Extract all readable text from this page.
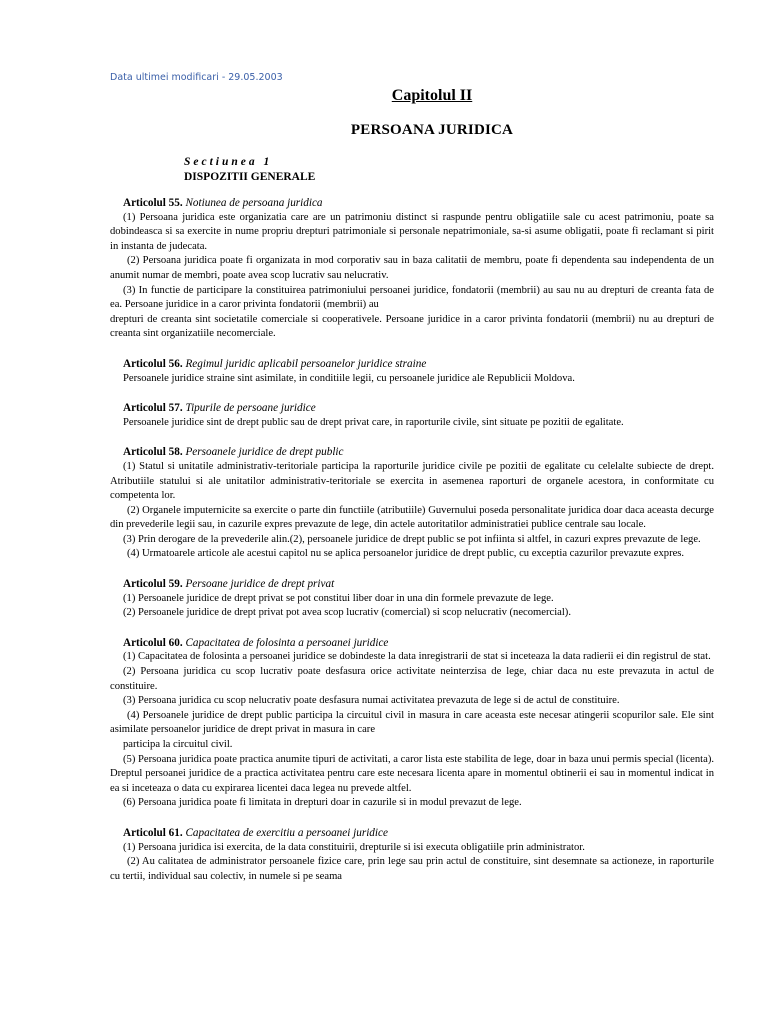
Data ultimei modificari - 29.05.2003
Capitolul II
PERSOANA JURIDICA
Sectiunea 1
DISPOZITII GENERALE
Articolul 55. Notiunea de persoana juridica

(1) Persoana juridica este organizatia care are un patrimoniu distinct si raspunde pentru obligatiile sale cu acest patrimoniu, poate sa dobindeasca si sa exercite in nume propriu drepturi patrimoniale si personale nepatrimoniale, sa-si asume obligatii, poate fi reclamant si pirit in instanta de judecata.

(2) Persoana juridica poate fi organizata in mod corporativ sau in baza calitatii de membru, poate fi dependenta sau independenta de un anumit numar de membri, poate avea scop lucrativ sau nelucrativ.

(3) In functie de participare la constituirea patrimoniului persoanei juridice, fondatorii (membrii) au sau nu au drepturi de creanta fata de ea. Persoane juridice in a caror privinta fondatorii (membrii) au

drepturi de creanta sint societatile comerciale si cooperativele. Persoane juridice in a caror privinta fondatorii (membrii) nu au drepturi de creanta sint organizatiile necomerciale.

Articolul 56. Regimul juridic aplicabil persoanelor juridice straine

Persoanele juridice straine sint asimilate, in conditiile legii, cu persoanele juridice ale Republicii Moldova.

Articolul 57. Tipurile de persoane juridice

Persoanele juridice sint de drept public sau de drept privat care, in raporturile civile, sint situate pe pozitii de egalitate.

Articolul 58. Persoanele juridice de drept public

(1) Statul si unitatile administrativ-teritoriale participa la raporturile juridice civile pe pozitii de egalitate cu celelalte subiecte de drept. Atributiile statului si ale unitatilor administrativ-teritoriale se exercita in asemenea raporturi de organele acestora, in conformitate cu competenta lor.

(2) Organele imputernicite sa exercite o parte din functiile (atributiile) Guvernului poseda personalitate juridica doar daca aceasta decurge din prevederile legii sau, in cazurile expres prevazute de lege, din actele autoritatilor administratiei publice centrale sau locale.

(3) Prin derogare de la prevederile alin.(2), persoanele juridice de drept public se pot infiinta si altfel, in cazuri expres prevazute de lege.

(4) Urmatoarele articole ale acestui capitol nu se aplica persoanelor juridice de drept public, cu exceptia cazurilor prevazute expres.

Articolul 59. Persoane juridice de drept privat

(1) Persoanele juridice de drept privat se pot constitui liber doar in una din formele prevazute de lege.

(2) Persoanele juridice de drept privat pot avea scop lucrativ (comercial) si scop nelucrativ (necomercial).

Articolul 60. Capacitatea de folosinta a persoanei juridice

(1) Capacitatea de folosinta a persoanei juridice se dobindeste la data inregistrarii de stat si inceteaza la data radierii ei din registrul de stat.

(2) Persoana juridica cu scop lucrativ poate desfasura orice activitate neinterzisa de lege, chiar daca nu este prevazuta in actul de constituire.

(3) Persoana juridica cu scop nelucrativ poate desfasura numai activitatea prevazuta de lege si de actul de constituire.

(4) Persoanele juridice de drept public participa la circuitul civil in masura in care aceasta este necesar atingerii scopurilor sale. Ele sint asimilate persoanelor juridice de drept privat in masura in care

participa la circuitul civil.

(5) Persoana juridica poate practica anumite tipuri de activitati, a caror lista este stabilita de lege, doar in baza unui permis special (licenta). Dreptul persoanei juridice de a practica activitatea pentru care este necesara licenta apare in momentul obtinerii ei sau in momentul indicat in ea si inceteaza o data cu expirarea licentei daca legea nu prevede altfel.

(6) Persoana juridica poate fi limitata in drepturi doar in cazurile si in modul prevazut de lege.

Articolul 61. Capacitatea de exercitiu a persoanei juridice

(1) Persoana juridica isi exercita, de la data constituirii, drepturile si isi executa obligatiile prin administrator.

(2) Au calitatea de administrator persoanele fizice care, prin lege sau prin actul de constituire, sint desemnate sa actioneze, in raporturile cu tertii, individual sau colectiv, in numele si pe seama
